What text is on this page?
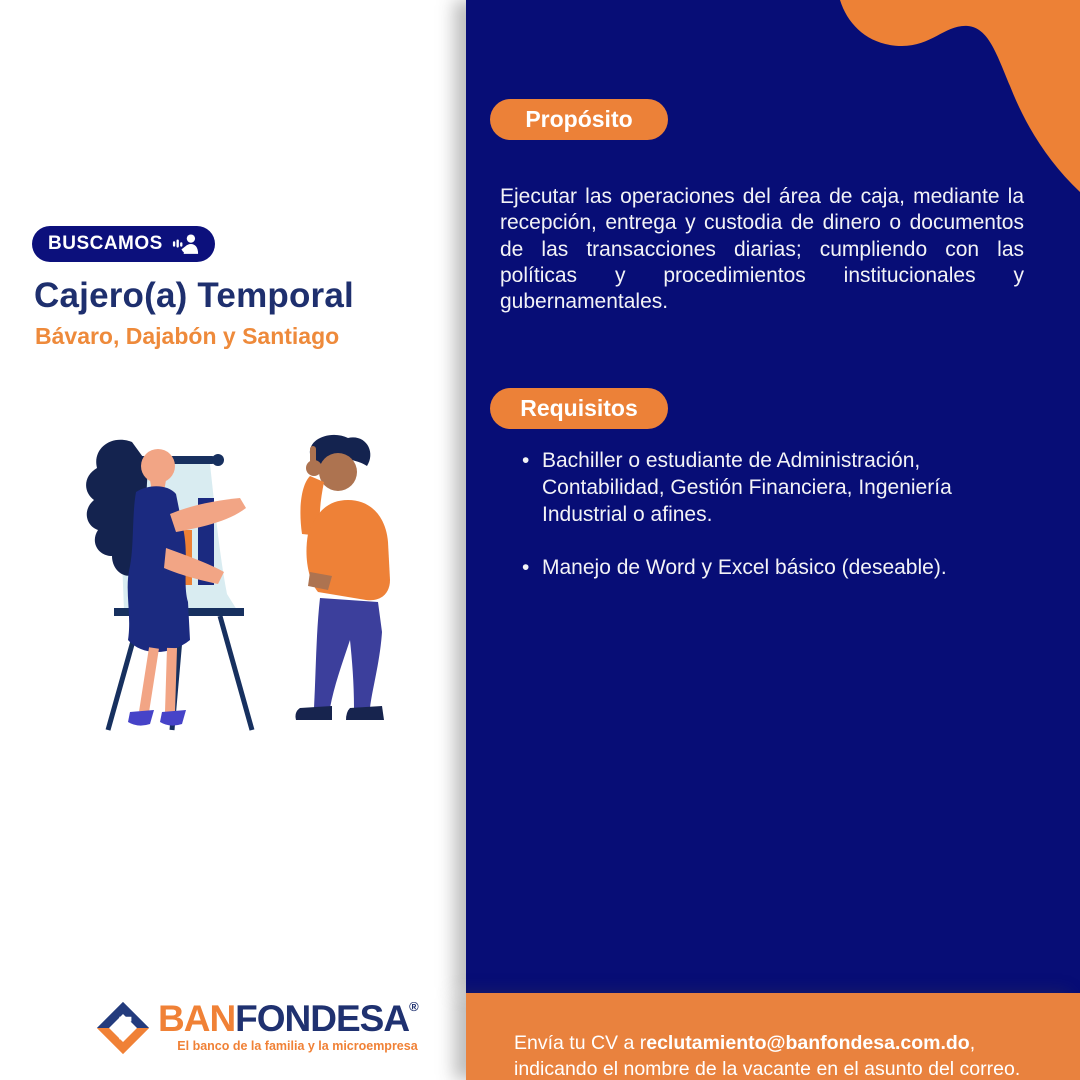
BUSCAMOS
Cajero(a) Temporal
Bávaro, Dajabón y Santiago
BANFONDESA®
El banco de la familia y la microempresa
Propósito

Ejecutar las operaciones del área de caja, mediante la recepción, entrega y custodia de dinero o documentos de las transacciones diarias; cumpliendo con las políticas y procedimientos institucionales y gubernamentales.

Requisitos
• Bachiller o estudiante de Administración, Contabilidad, Gestión Financiera, Ingeniería Industrial o afines.
• Manejo de Word y Excel básico (deseable).

Envía tu CV a reclutamiento@banfondesa.com.do, indicando el nombre de la vacante en el asunto del correo.
